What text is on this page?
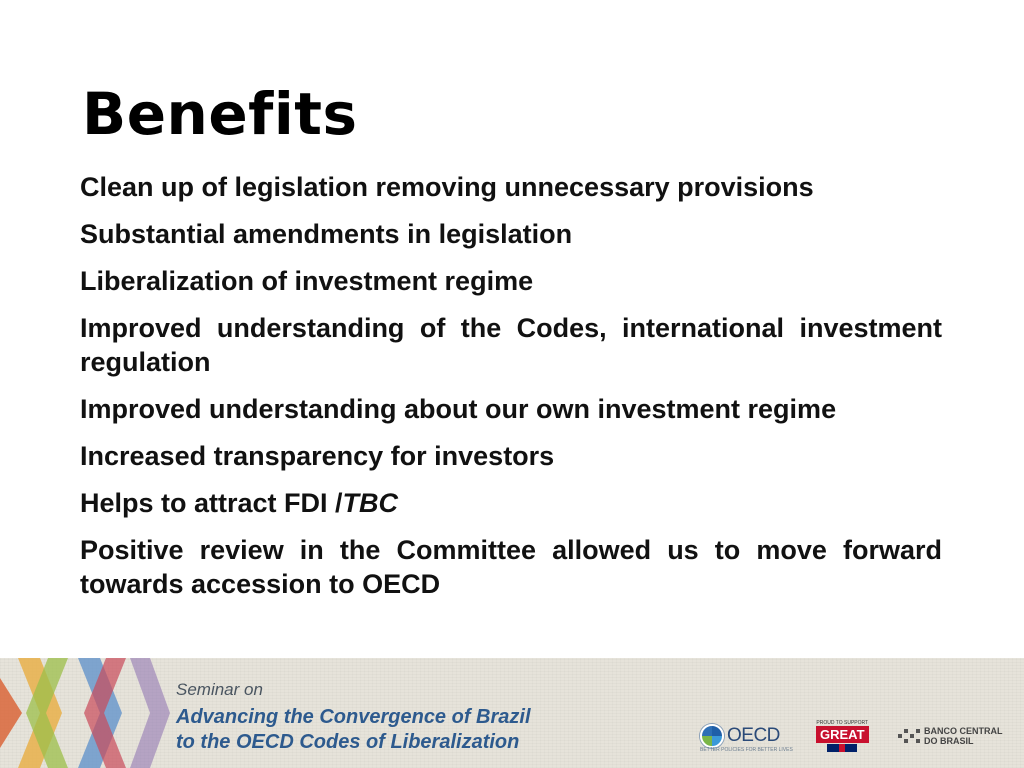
Benefits
Clean up of legislation removing unnecessary provisions
Substantial amendments in legislation
Liberalization of investment regime
Improved understanding of the Codes, international investment regulation
Improved understanding about our own investment regime
Increased transparency for investors
Helps to attract FDI /TBC
Positive review in the Committee allowed us to move forward towards accession to OECD
Seminar on
Advancing the Convergence of Brazil
to the OECD Codes of Liberalization	OECD
BETTER POLICIES FOR BETTER LIVES
PROUD TO SUPPORT
GREAT	BANCO CENTRAL
DO BRASIL
